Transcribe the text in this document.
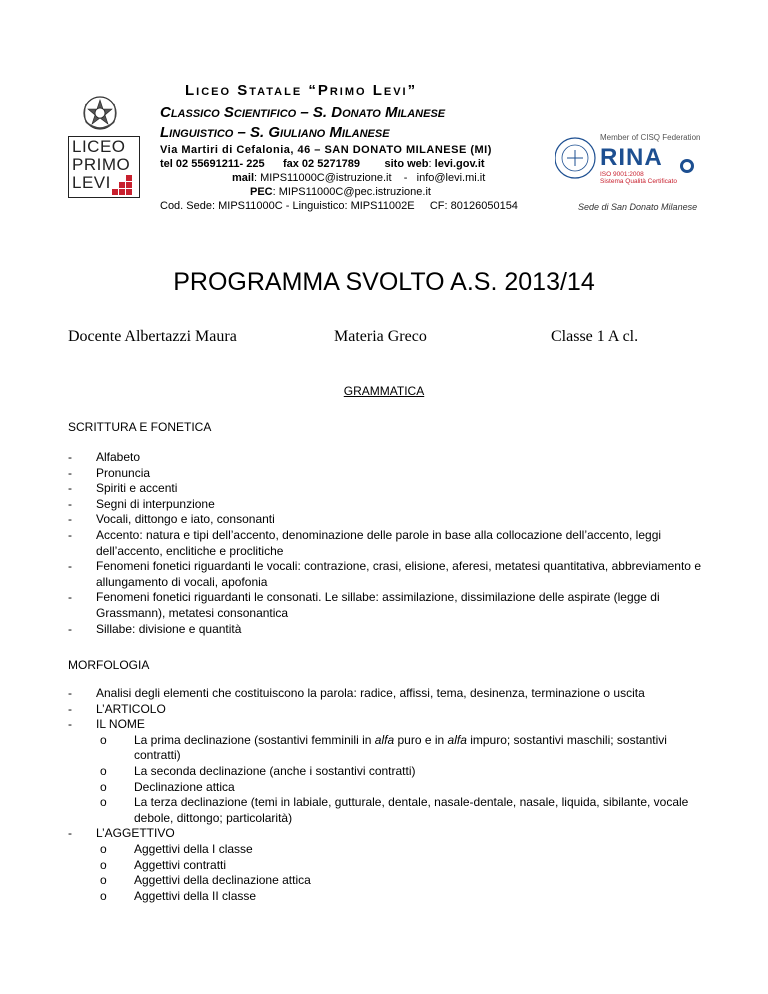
LICEO
PRIMO
LEVI
Liceo Statale “Primo Levi”
Classico Scientifico – S. Donato Milanese
Linguistico – S. Giuliano Milanese
Via Martiri di Cefalonia, 46 – SAN DONATO MILANESE (MI)
tel 02 55691211- 225 fax 02 5271789 sito web: levi.gov.it
mail: MIPS11000C@istruzione.it - info@levi.mi.it
PEC: MIPS11000C@pec.istruzione.it
Cod. Sede: MIPS11000C - Linguistico: MIPS11002E CF: 80126050154
Member of CISQ Federation
RINA
ISO 9001:2008
Sistema Qualità Certificato
Sede di San Donato Milanese
PROGRAMMA SVOLTO A.S. 2013/14
Docente Albertazzi Maura	Materia Greco	Classe 1 A cl.
GRAMMATICA
SCRITTURA E FONETICA
- Alfabeto
- Pronuncia
- Spiriti e accenti
- Segni di interpunzione
- Vocali, dittongo e iato, consonanti
- Accento: natura e tipi dell’accento, denominazione delle parole in base alla collocazione dell’accento, leggi dell’accento, enclitiche e proclitiche
- Fenomeni fonetici riguardanti le vocali: contrazione, crasi, elisione, aferesi, metatesi quantitativa, abbreviamento e allungamento di vocali, apofonia
- Fenomeni fonetici riguardanti le consonati. Le sillabe: assimilazione, dissimilazione delle aspirate (legge di Grassmann), metatesi consonantica
- Sillabe: divisione e quantità
MORFOLOGIA
- Analisi degli elementi che costituiscono la parola: radice, affissi, tema, desinenza, terminazione o uscita
- L’ARTICOLO
- IL NOME
o La prima declinazione (sostantivi femminili in alfa puro e in alfa impuro; sostantivi maschili; sostantivi contratti)
o La seconda declinazione (anche i sostantivi contratti)
o Declinazione attica
o La terza declinazione (temi in labiale, gutturale, dentale, nasale-dentale, nasale, liquida, sibilante, vocale debole, dittongo; particolarità)
- L’AGGETTIVO
o Aggettivi della I classe
o Aggettivi contratti
o Aggettivi della declinazione attica
o Aggettivi della II classe
